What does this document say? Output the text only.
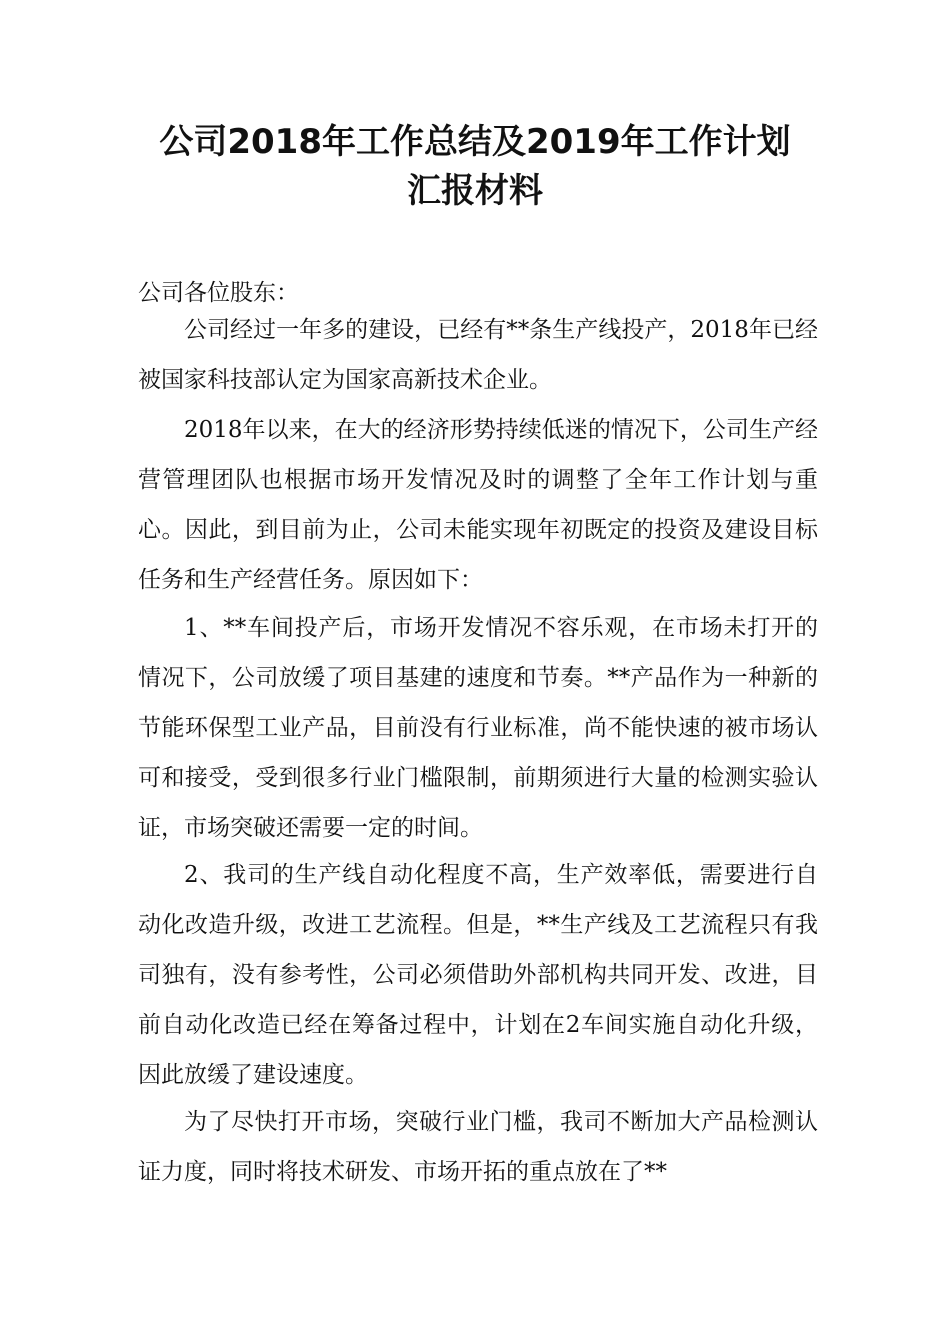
公司2018年工作总结及2019年工作计划
汇报材料

公司各位股东：

公司经过一年多的建设，已经有**条生产线投产，2018年已经被国家科技部认定为国家高新技术企业。

2018年以来，在大的经济形势持续低迷的情况下，公司生产经营管理团队也根据市场开发情况及时的调整了全年工作计划与重心。因此，到目前为止，公司未能实现年初既定的投资及建设目标任务和生产经营任务。原因如下：

1、**车间投产后，市场开发情况不容乐观，在市场未打开的情况下，公司放缓了项目基建的速度和节奏。**产品作为一种新的节能环保型工业产品，目前没有行业标准，尚不能快速的被市场认可和接受，受到很多行业门槛限制，前期须进行大量的检测实验认证，市场突破还需要一定的时间。

2、我司的生产线自动化程度不高，生产效率低，需要进行自动化改造升级，改进工艺流程。但是，**生产线及工艺流程只有我司独有，没有参考性，公司必须借助外部机构共同开发、改进，目前自动化改造已经在筹备过程中，计划在2车间实施自动化升级，因此放缓了建设速度。

为了尽快打开市场，突破行业门槛，我司不断加大产品检测认证力度，同时将技术研发、市场开拓的重点放在了**
